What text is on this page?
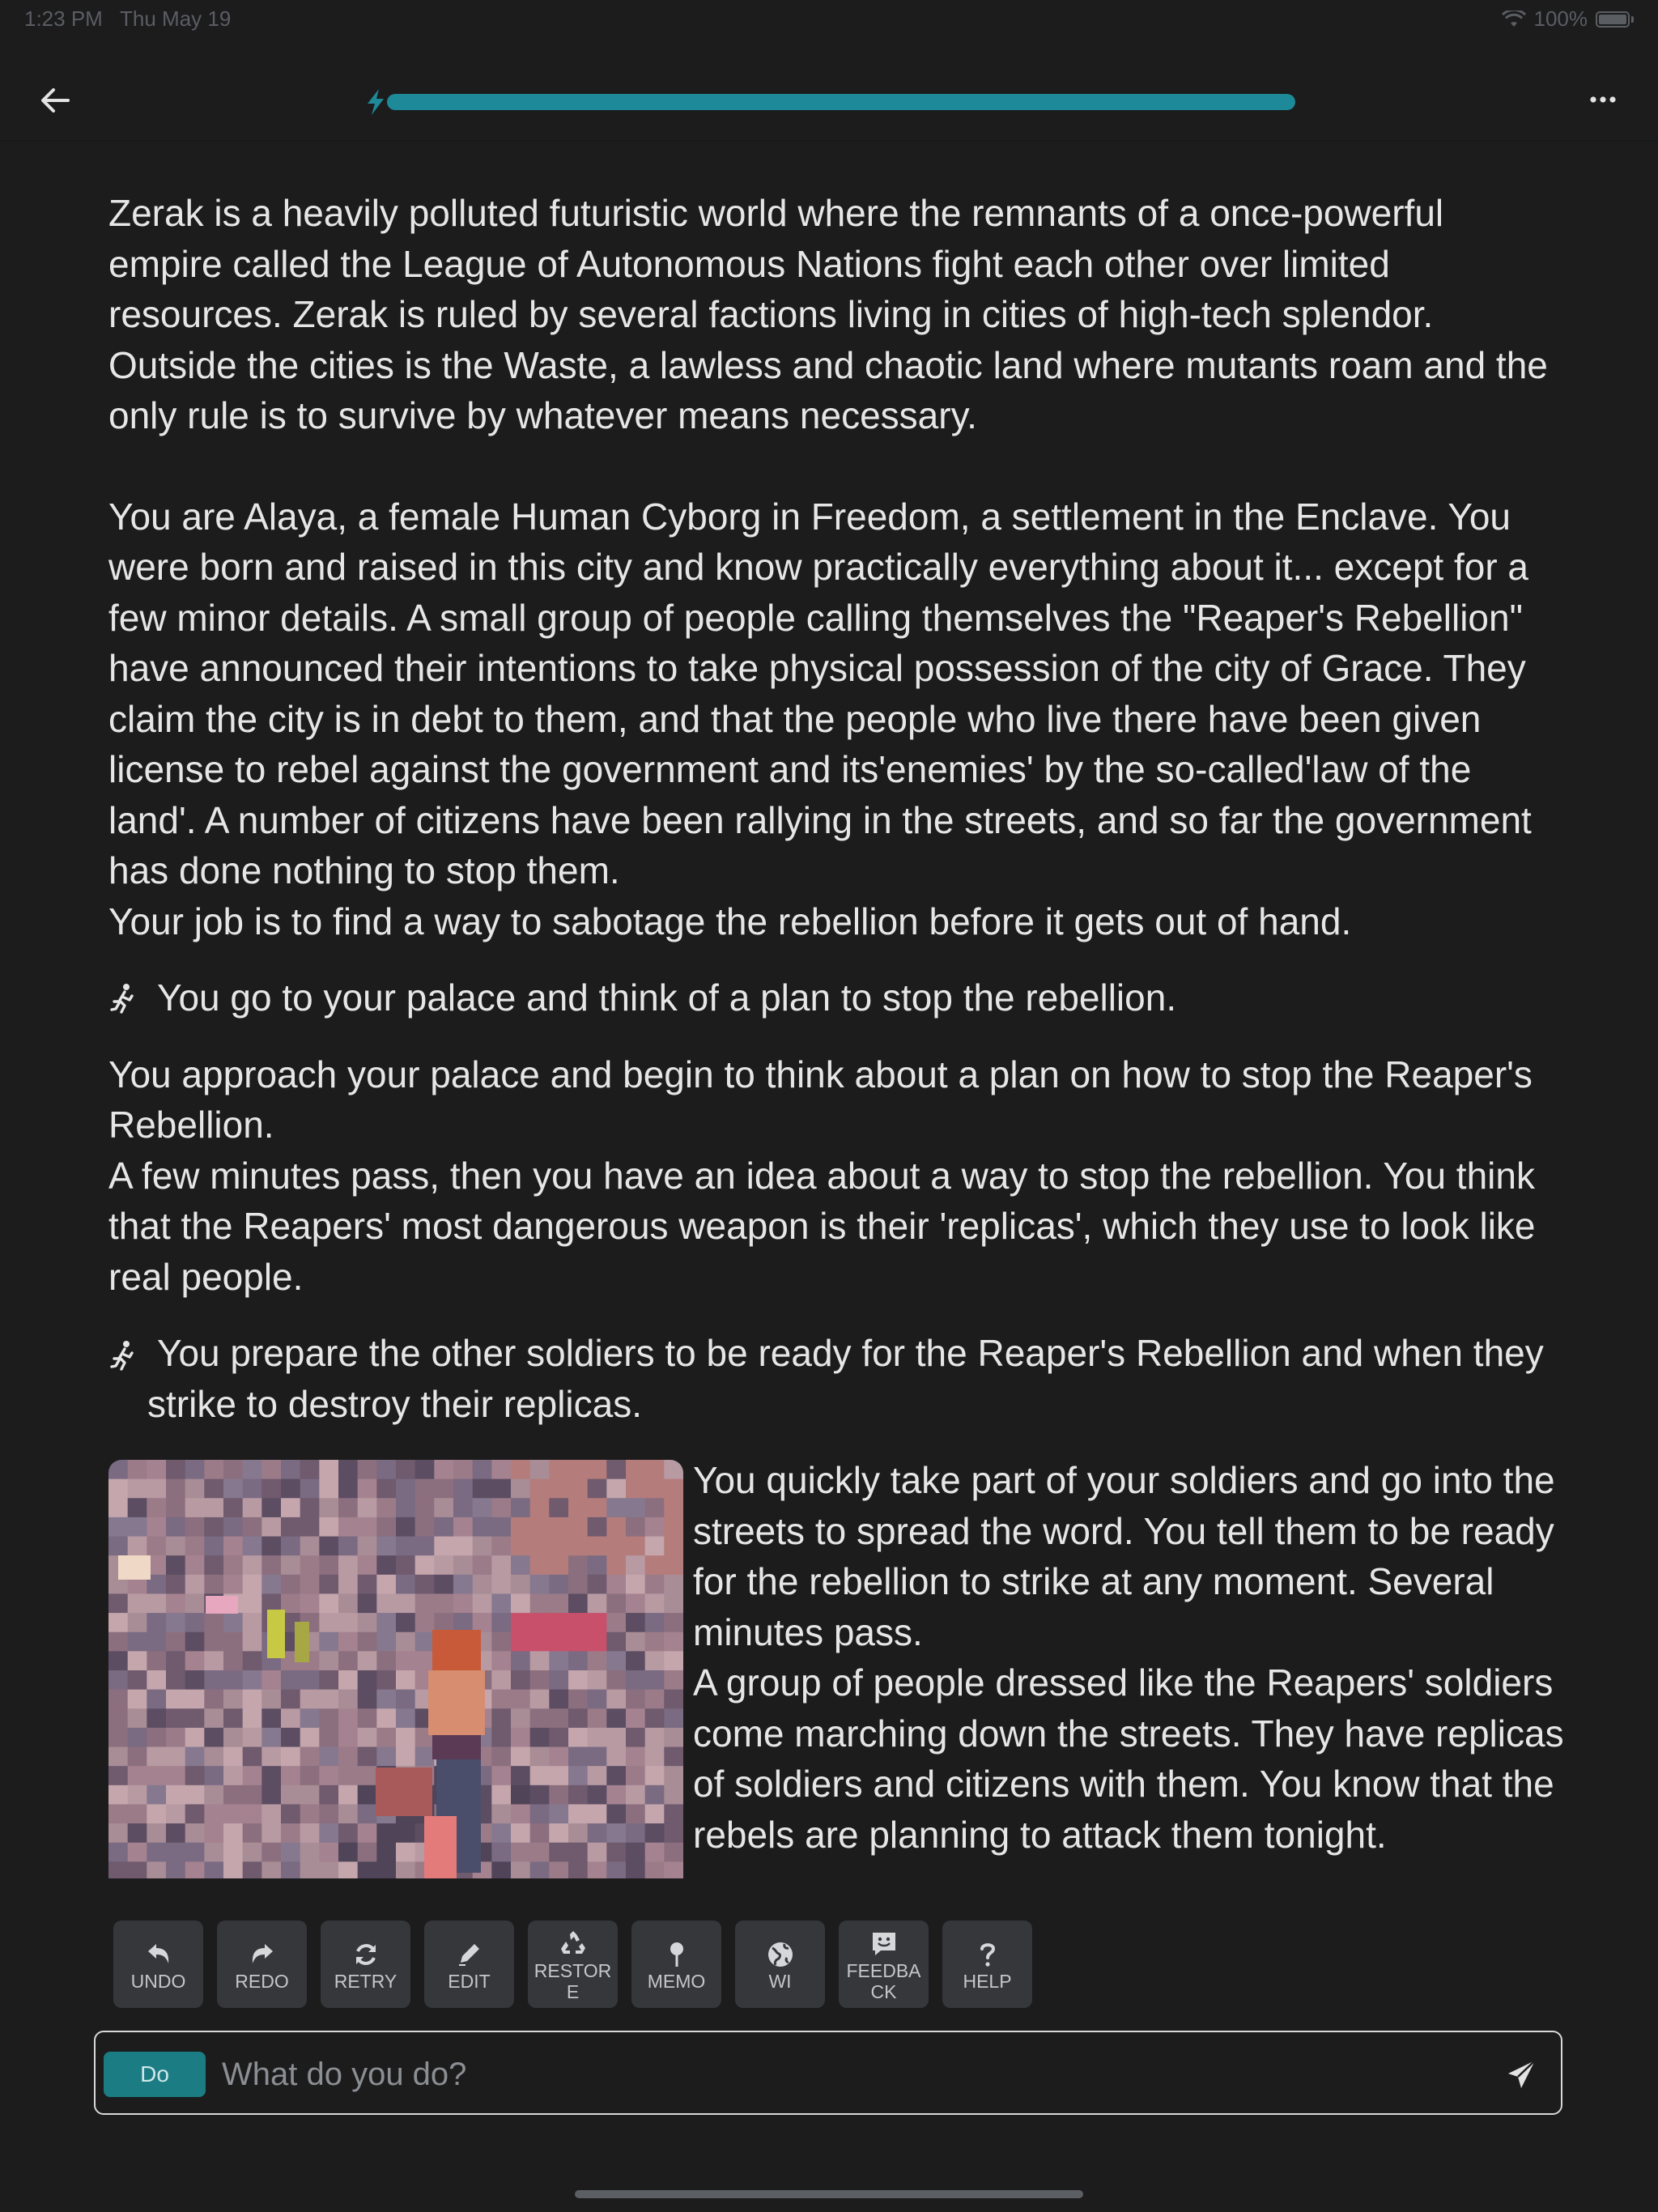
1:23 PM Thu May 19	100%

Zerak is a heavily polluted futuristic world where the remnants of a once-powerful empire called the League of Autonomous Nations fight each other over limited resources. Zerak is ruled by several factions living in cities of high-tech splendor. Outside the cities is the Waste, a lawless and chaotic land where mutants roam and the only rule is to survive by whatever means necessary.

You are Alaya, a female Human Cyborg in Freedom, a settlement in the Enclave. You were born and raised in this city and know practically everything about it... except for a few minor details. A small group of people calling themselves the "Reaper's Rebellion" have announced their intentions to take physical possession of the city of Grace. They claim the city is in debt to them, and that the people who live there have been given license to rebel against the government and its'enemies' by the so-called'law of the land'. A number of citizens have been rallying in the streets, and so far the government has done nothing to stop them.

Your job is to find a way to sabotage the rebellion before it gets out of hand.

You go to your palace and think of a plan to stop the rebellion.

You approach your palace and begin to think about a plan on how to stop the Reaper's Rebellion.

A few minutes pass, then you have an idea about a way to stop the rebellion. You think that the Reapers' most dangerous weapon is their 'replicas', which they use to look like real people.

You prepare the other soldiers to be ready for the Reaper's Rebellion and when they strike to destroy their replicas.

You quickly take part of your soldiers and go into the streets to spread the word. You tell them to be ready for the rebellion to strike at any moment. Several minutes pass.

A group of people dressed like the Reapers' soldiers come marching down the streets. They have replicas of soldiers and citizens with them. You know that the rebels are planning to attack them tonight.

UNDO	REDO	RETRY	EDIT	RESTORE	MEMO	WI	FEEDBACK	HELP
Do
What do you do?
